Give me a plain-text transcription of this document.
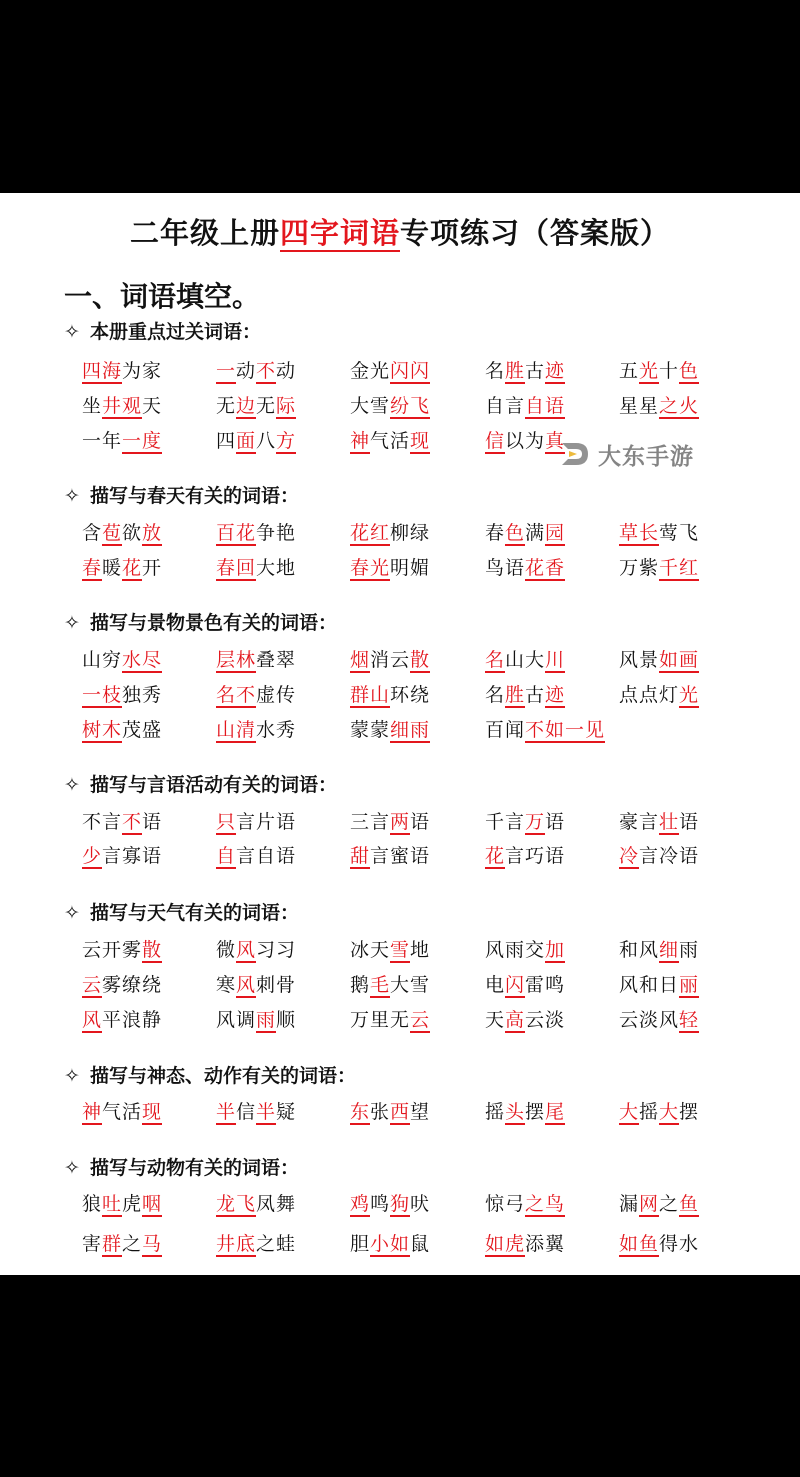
二年级上册四字词语专项练习（答案版）
一、词语填空。
大东手游
✧ 本册重点过关词语：
四海为家	一动不动	金光闪闪	名胜古迹	五光十色
坐井观天	无边无际	大雪纷飞	自言自语	星星之火
一年一度	四面八方	神气活现	信以为真
✧ 描写与春天有关的词语：
含苞欲放	百花争艳	花红柳绿	春色满园	草长莺飞
春暖花开	春回大地	春光明媚	鸟语花香	万紫千红
✧ 描写与景物景色有关的词语：
山穷水尽	层林叠翠	烟消云散	名山大川	风景如画
一枝独秀	名不虚传	群山环绕	名胜古迹	点点灯光
树木茂盛	山清水秀	蒙蒙细雨	百闻不如一见
✧ 描写与言语活动有关的词语：
不言不语	只言片语	三言两语	千言万语	豪言壮语
少言寡语	自言自语	甜言蜜语	花言巧语	冷言冷语
✧ 描写与天气有关的词语：
云开雾散	微风习习	冰天雪地	风雨交加	和风细雨
云雾缭绕	寒风刺骨	鹅毛大雪	电闪雷鸣	风和日丽
风平浪静	风调雨顺	万里无云	天高云淡	云淡风轻
✧ 描写与神态、动作有关的词语：
神气活现	半信半疑	东张西望	摇头摆尾	大摇大摆
✧ 描写与动物有关的词语：
狼吐虎咽	龙飞凤舞	鸡鸣狗吠	惊弓之鸟	漏网之鱼
害群之马	井底之蛙	胆小如鼠	如虎添翼	如鱼得水
